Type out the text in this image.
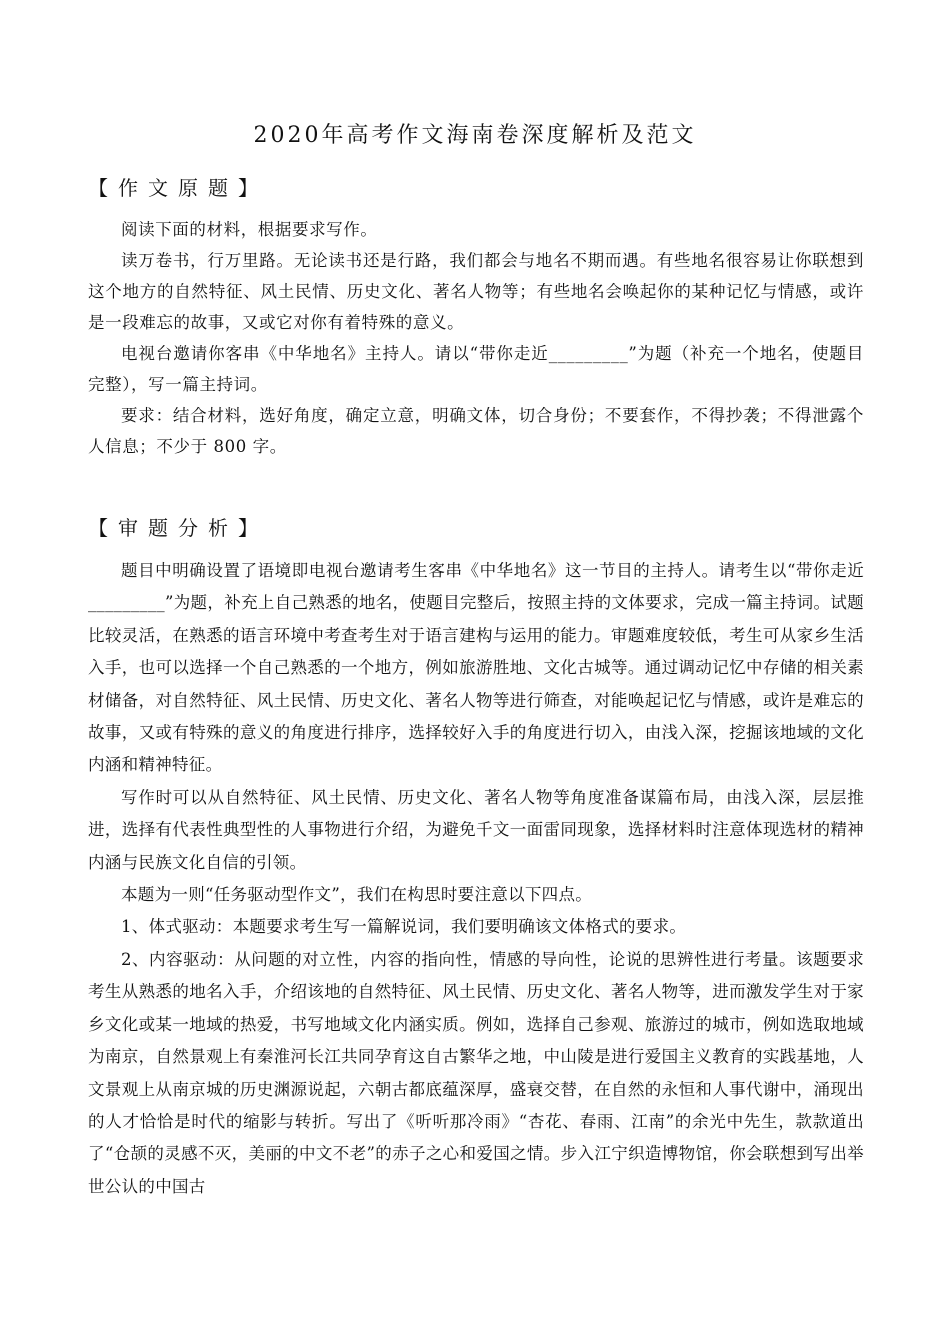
2020年高考作文海南卷深度解析及范文
【作文原题】

阅读下面的材料，根据要求写作。

读万卷书，行万里路。无论读书还是行路，我们都会与地名不期而遇。有些地名很容易让你联想到这个地方的自然特征、风土民情、历史文化、著名人物等；有些地名会唤起你的某种记忆与情感，或许是一段难忘的故事，又或它对你有着特殊的意义。

电视台邀请你客串《中华地名》主持人。请以“带你走近_________”为题（补充一个地名，使题目完整），写一篇主持词。

要求：结合材料，选好角度，确定立意，明确文体，切合身份；不要套作，不得抄袭；不得泄露个人信息；不少于 800 字。

【审题分析】

题目中明确设置了语境即电视台邀请考生客串《中华地名》这一节目的主持人。请考生以“带你走近_________”为题，补充上自己熟悉的地名，使题目完整后，按照主持的文体要求，完成一篇主持词。试题比较灵活，在熟悉的语言环境中考查考生对于语言建构与运用的能力。审题难度较低，考生可从家乡生活入手，也可以选择一个自己熟悉的一个地方，例如旅游胜地、文化古城等。通过调动记忆中存储的相关素材储备，对自然特征、风土民情、历史文化、著名人物等进行筛查，对能唤起记忆与情感，或许是难忘的故事，又或有特殊的意义的角度进行排序，选择较好入手的角度进行切入，由浅入深，挖掘该地域的文化内涵和精神特征。

写作时可以从自然特征、风土民情、历史文化、著名人物等角度准备谋篇布局，由浅入深，层层推进，选择有代表性典型性的人事物进行介绍，为避免千文一面雷同现象，选择材料时注意体现选材的精神内涵与民族文化自信的引领。

本题为一则“任务驱动型作文”，我们在构思时要注意以下四点。

1、体式驱动：本题要求考生写一篇解说词，我们要明确该文体格式的要求。

2、内容驱动：从问题的对立性，内容的指向性，情感的导向性，论说的思辨性进行考量。该题要求考生从熟悉的地名入手，介绍该地的自然特征、风土民情、历史文化、著名人物等，进而激发学生对于家乡文化或某一地域的热爱，书写地域文化内涵实质。例如，选择自己参观、旅游过的城市，例如选取地域为南京，自然景观上有秦淮河长江共同孕育这自古繁华之地，中山陵是进行爱国主义教育的实践基地，人文景观上从南京城的历史渊源说起，六朝古都底蕴深厚，盛衰交替，在自然的永恒和人事代谢中，涌现出的人才恰恰是时代的缩影与转折。写出了《听听那冷雨》“杏花、春雨、江南”的余光中先生，款款道出了“仓颉的灵感不灭，美丽的中文不老”的赤子之心和爱国之情。步入江宁织造博物馆，你会联想到写出举世公认的中国古
